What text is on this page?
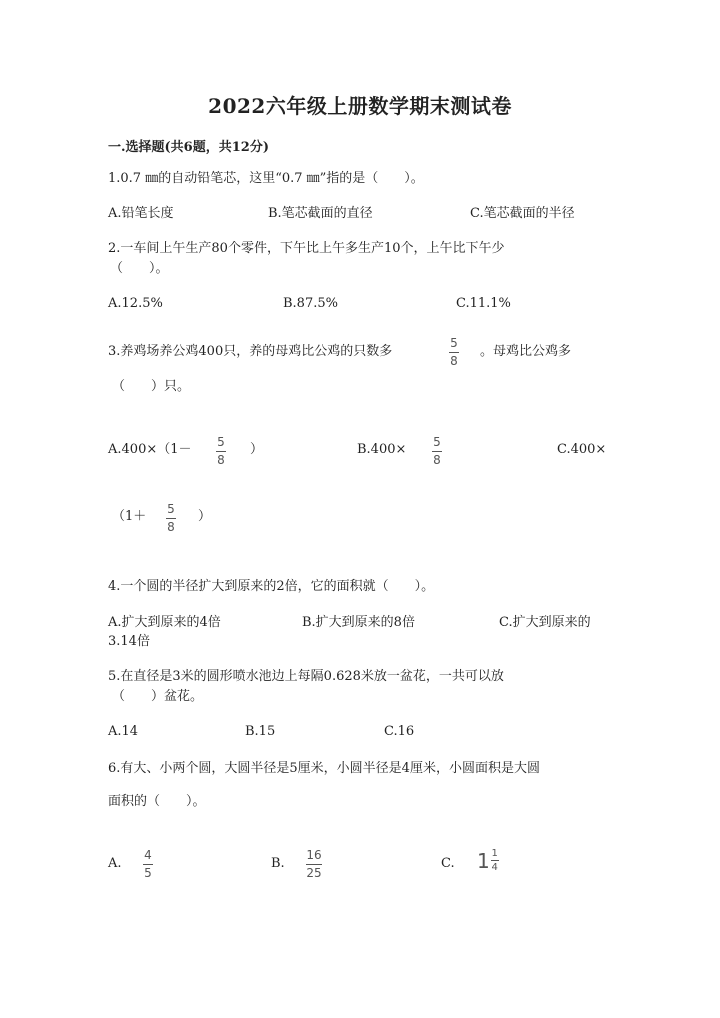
2022六年级上册数学期末测试卷
一.选择题(共6题，共12分)
1.0.7 ㎜的自动铅笔芯，这里“0.7 ㎜”指的是（　　）。
A.铅笔长度	B.笔芯截面的直径	C.笔芯截面的半径
2.一车间上午生产80个零件，下午比上午多生产10个，上午比下午少
（　　）。
A.12.5%	B.87.5%	C.11.1%
3.养鸡场养公鸡400只，养的母鸡比公鸡的只数多
5
8
。母鸡比公鸡多
（　　）只。
A.400×（1－ 5
8
）	B.400× 5
8
C.400×
（1＋ 5
8
）
4.一个圆的半径扩大到原来的2倍，它的面积就（　　）。
A.扩大到原来的4倍	B.扩大到原来的8倍	C.扩大到原来的
3.14倍
5.在直径是3米的圆形喷水池边上每隔0.628米放一盆花，一共可以放
（　　）盆花。
A.14	B.15	C.16
6.有大、小两个圆，大圆半径是5厘米，小圆半径是4厘米，小圆面积是大圆
面积的（　　）。
A.
4
5
B.
16
25
C. $1 \frac{1}{4}$
